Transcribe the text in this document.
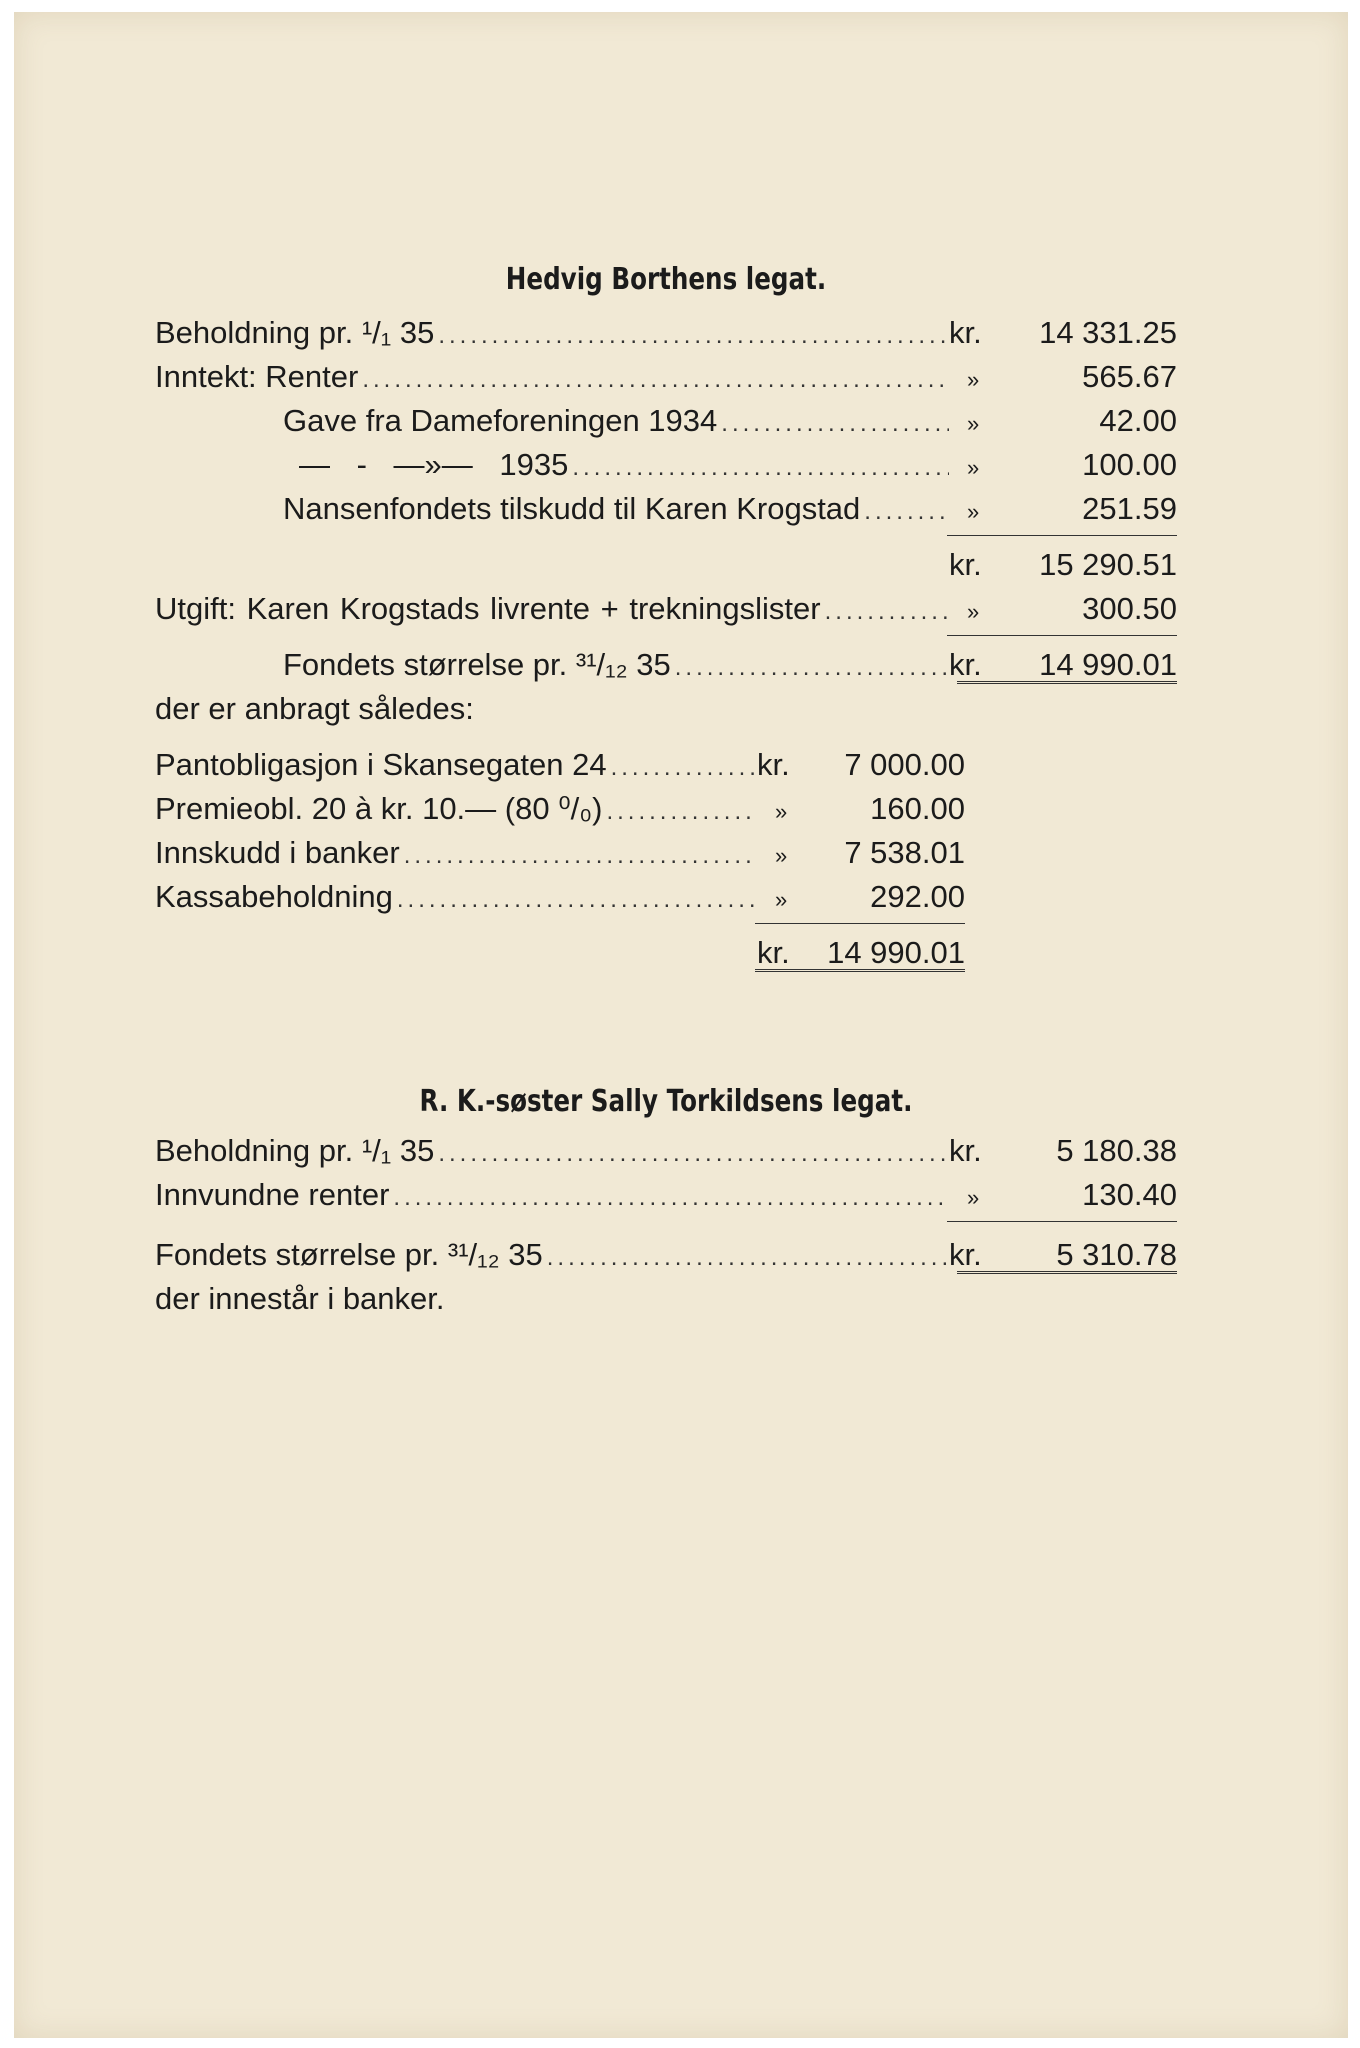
Hedvig Borthens legat.
Beholdning pr. ¹/₁ 35 .....	kr.	14 331.25
Inntekt: Renter .....	»	565.67
Gave fra Dameforeningen 1934 .....	»	42.00
— - —»— 1935 .....	»	100.00
Nansenfondets tilskudd til Karen Krogstad .....	»	251.59
kr.	15 290.51
Utgift: Karen Krogstads livrente + trekningslister .....	»	300.50
Fondets størrelse pr. ³¹/₁₂ 35 .....	kr.	14 990.01
der er anbragt således:
Pantobligasjon i Skansegaten 24 .....	kr.	7 000.00
Premieobl. 20 à kr. 10.— (80 ⁰/₀) .....	»	160.00
Innskudd i banker .....	»	7 538.01
Kassabeholdning .....	»	292.00
kr.	14 990.01
R. K.-søster Sally Torkildsens legat.
Beholdning pr. ¹/₁ 35 .....	kr.	5 180.38
Innvundne renter .....	»	130.40
Fondets størrelse pr. ³¹/₁₂ 35 .....	kr.	5 310.78
der innestår i banker.
